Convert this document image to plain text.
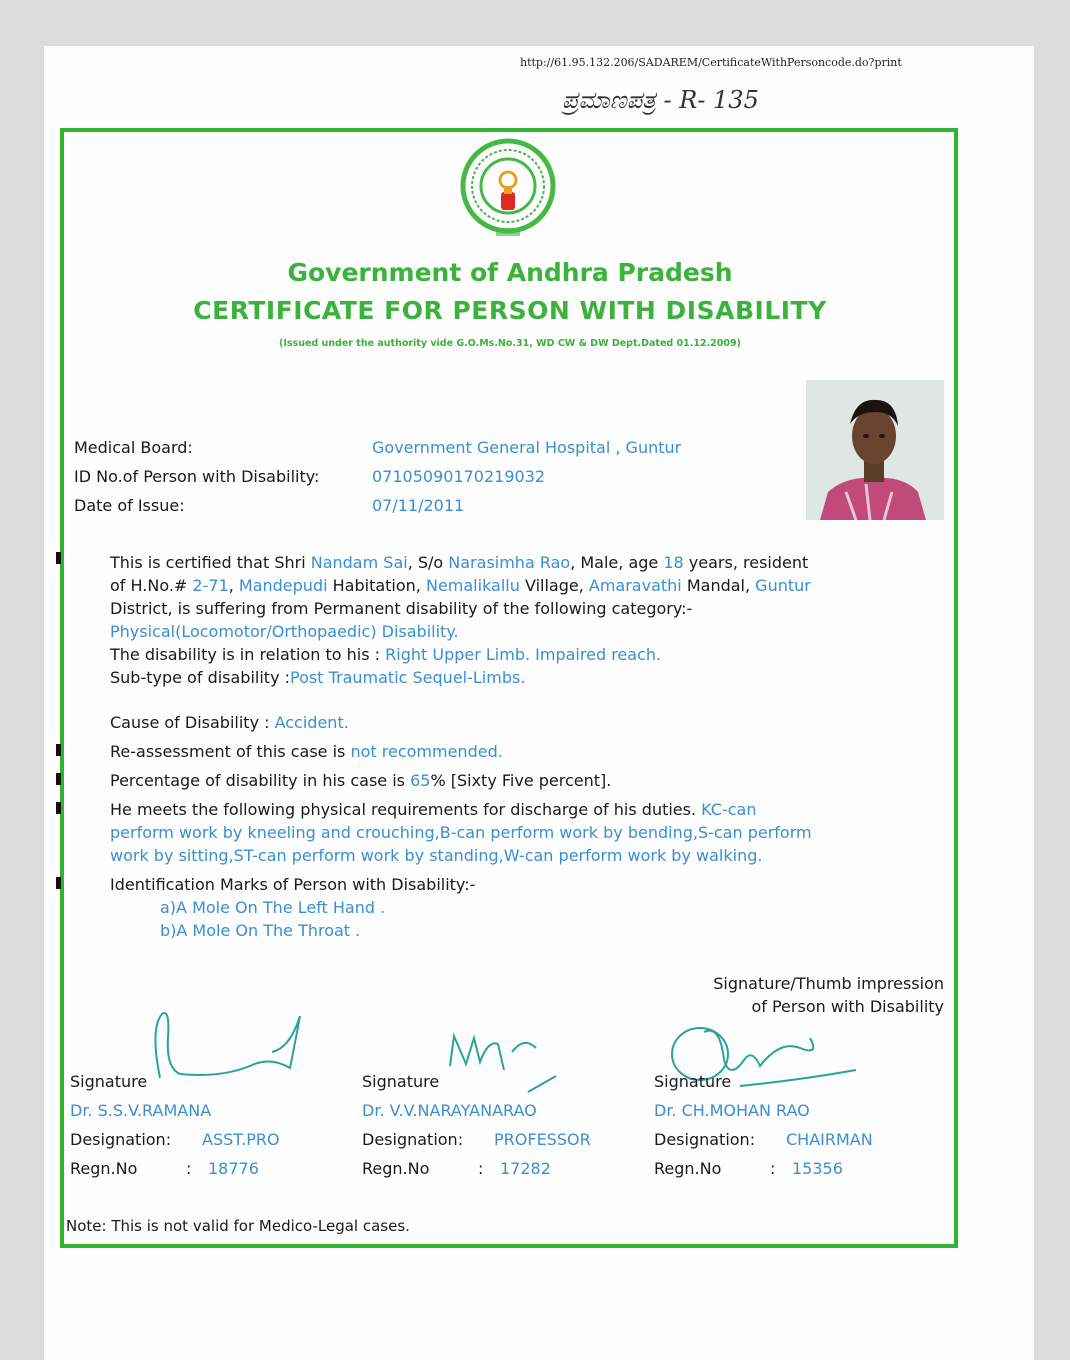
http://61.95.132.206/SADAREM/CertificateWithPersoncode.do?print
ಪ್ರಮಾಣಪತ್ರ - R- 135
Government of Andhra Pradesh
CERTIFICATE FOR PERSON WITH DISABILITY
(Issued under the authority vide G.O.Ms.No.31, WD CW & DW Dept.Dated 01.12.2009)
Medical Board:	Government General Hospital , Guntur
ID No.of Person with Disability:	07105090170219032
Date of Issue:	07/11/2011
This is certified that Shri Nandam Sai, S/o Narasimha Rao, Male, age 18 years, resident
of H.No.# 2-71, Mandepudi Habitation, Nemalikallu Village, Amaravathi Mandal, Guntur
District, is suffering from Permanent disability of the following category:-
Physical(Locomotor/Orthopaedic) Disability.
The disability is in relation to his : Right Upper Limb. Impaired reach.
Sub-type of disability :Post Traumatic Sequel-Limbs.
Cause of Disability : Accident.
Re-assessment of this case is not recommended.
Percentage of disability in his case is 65% [Sixty Five percent].
He meets the following physical requirements for discharge of his duties. KC-can
perform work by kneeling and crouching,B-can perform work by bending,S-can perform
work by sitting,ST-can perform work by standing,W-can perform work by walking.
Identification Marks of Person with Disability:-
a)A Mole On The Left Hand .
b)A Mole On The Throat .
Signature/Thumb impression
of Person with Disability
Signature
Dr. S.S.V.RAMANA
Designation: ASST.PRO
Regn.No	: 18776
Signature
Dr. V.V.NARAYANARAO
Designation: PROFESSOR
Regn.No	: 17282
Signature
Dr. CH.MOHAN RAO
Designation: CHAIRMAN
Regn.No	: 15356
Note: This is not valid for Medico-Legal cases.
